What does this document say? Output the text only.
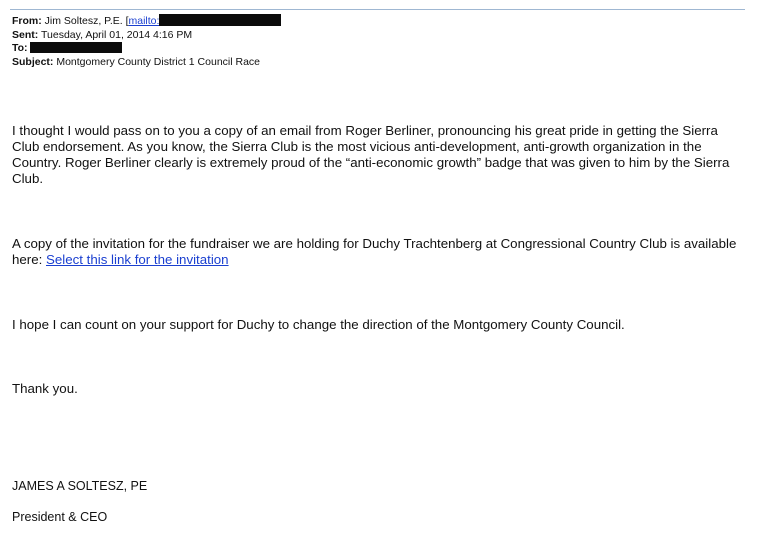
From: Jim Soltesz, P.E. [mailto:
Sent: Tuesday, April 01, 2014 4:16 PM
To:
Subject: Montgomery County District 1 Council Race
I thought I would pass on to you a copy of an email from Roger Berliner, pronouncing his great pride in getting the Sierra Club endorsement. As you know, the Sierra Club is the most vicious anti-development, anti-growth organization in the Country. Roger Berliner clearly is extremely proud of the “anti-economic growth” badge that was given to him by the Sierra Club.
A copy of the invitation for the fundraiser we are holding for Duchy Trachtenberg at Congressional Country Club is available here: Select this link for the invitation
I hope I can count on your support for Duchy to change the direction of the Montgomery County Council.
Thank you.
JAMES A SOLTESZ, PE
President & CEO
